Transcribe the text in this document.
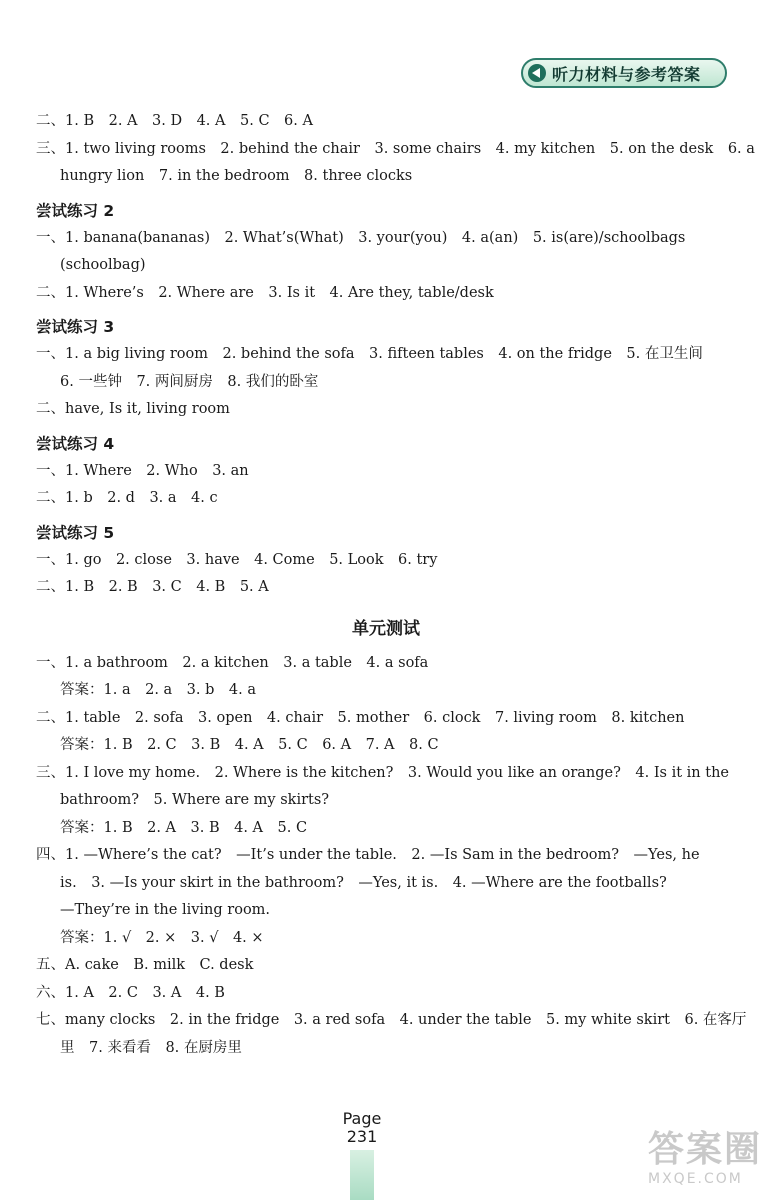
听力材料与参考答案
二、1. B　2. A　3. D　4. A　5. C　6. A
三、1. two living rooms　2. behind the chair　3. some chairs　4. my kitchen　5. on the desk　6. a
hungry lion　7. in the bedroom　8. three clocks
尝试练习 2
一、1. banana(bananas)　2. What’s(What)　3. your(you)　4. a(an)　5. is(are)/schoolbags
(schoolbag)
二、1. Where’s　2. Where are　3. Is it　4. Are they, table/desk
尝试练习 3
一、1. a big living room　2. behind the sofa　3. fifteen tables　4. on the fridge　5. 在卫生间
6. 一些钟　7. 两间厨房　8. 我们的卧室
二、have, Is it, living room
尝试练习 4
一、1. Where　2. Who　3. an
二、1. b　2. d　3. a　4. c
尝试练习 5
一、1. go　2. close　3. have　4. Come　5. Look　6. try
二、1. B　2. B　3. C　4. B　5. A
单元测试
一、1. a bathroom　2. a kitchen　3. a table　4. a sofa
答案：1. a　2. a　3. b　4. a
二、1. table　2. sofa　3. open　4. chair　5. mother　6. clock　7. living room　8. kitchen
答案：1. B　2. C　3. B　4. A　5. C　6. A　7. A　8. C
三、1. I love my home.　2. Where is the kitchen?　3. Would you like an orange?　4. Is it in the
bathroom?　5. Where are my skirts?
答案：1. B　2. A　3. B　4. A　5. C
四、1. —Where’s the cat?　—It’s under the table.　2. —Is Sam in the bedroom?　—Yes, he
is.　3. —Is your skirt in the bathroom?　—Yes, it is.　4. —Where are the footballs?
—They’re in the living room.
答案：1. √　2. ×　3. √　4. ×
五、A. cake　B. milk　C. desk
六、1. A　2. C　3. A　4. B
七、many clocks　2. in the fridge　3. a red sofa　4. under the table　5. my white skirt　6. 在客厅
里　7. 来看看　8. 在厨房里
Page
231	答案圈
MXQE.COM
